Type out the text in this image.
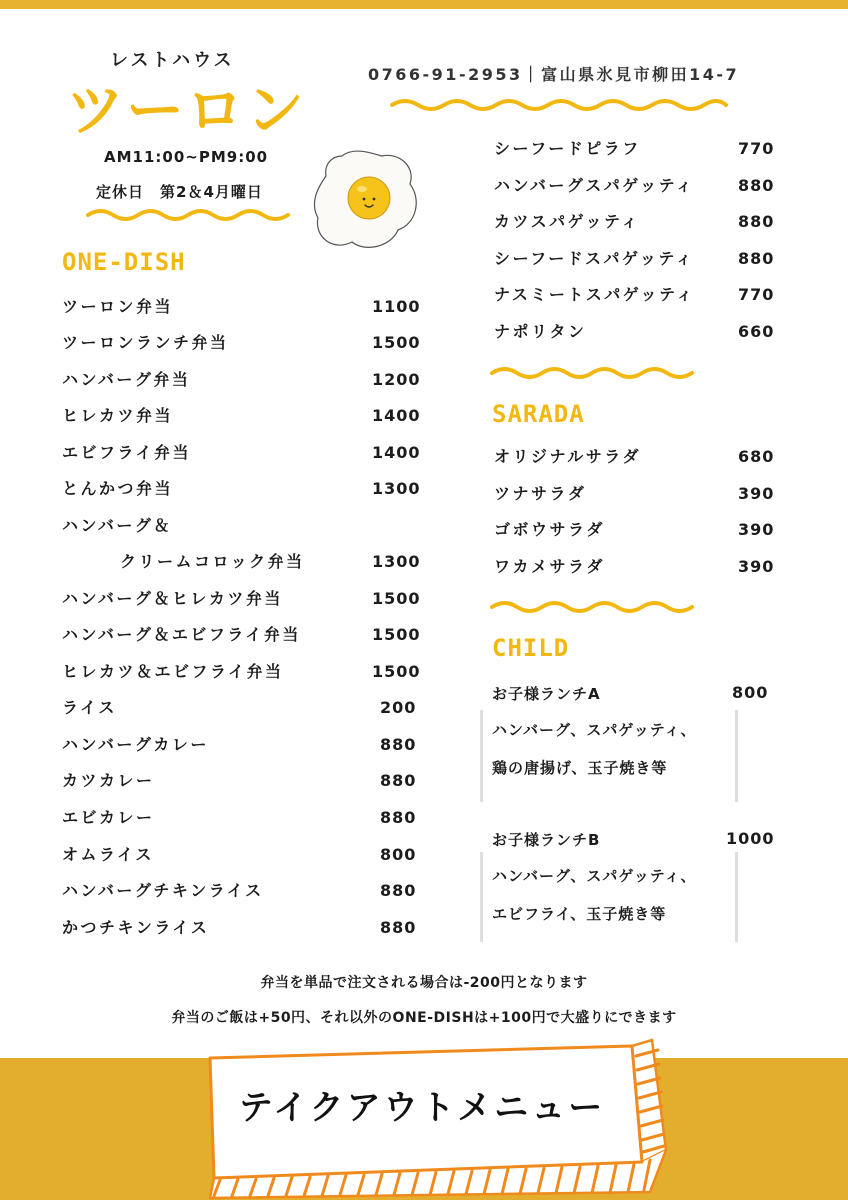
レストハウス
ツーロン
AM11:00~PM9:00
定休日　第2＆4月曜日
0766-91-2953｜富山県氷見市柳田14-7
ONE-DISH
SARADA
CHILD
ツーロン弁当	1100
ツーロンランチ弁当	1500
ハンバーグ弁当	1200
ヒレカツ弁当	1400
エビフライ弁当	1400
とんかつ弁当	1300
ハンバーグ＆
クリームコロック弁当	1300
ハンバーグ＆ヒレカツ弁当	1500
ハンバーグ＆エビフライ弁当	1500
ヒレカツ＆エビフライ弁当	1500
ライス	200
ハンバーグカレー	880
カツカレー	880
エビカレー	880
オムライス	800
ハンバーグチキンライス	880
かつチキンライス	880
シーフードピラフ	770
ハンバーグスパゲッティ	880
カツスパゲッティ	880
シーフードスパゲッティ	880
ナスミートスパゲッティ	770
ナポリタン	660
オリジナルサラダ	680
ツナサラダ	390
ゴボウサラダ	390
ワカメサラダ	390
お子様ランチA	800
ハンバーグ、スパゲッティ、
鶏の唐揚げ、玉子焼き等
お子様ランチB	1000
ハンバーグ、スパゲッティ、
エビフライ、玉子焼き等
弁当を単品で注文される場合は-200円となります
弁当のご飯は+50円、それ以外のONE-DISHは+100円で大盛りにできます
テイクアウトメニュー
